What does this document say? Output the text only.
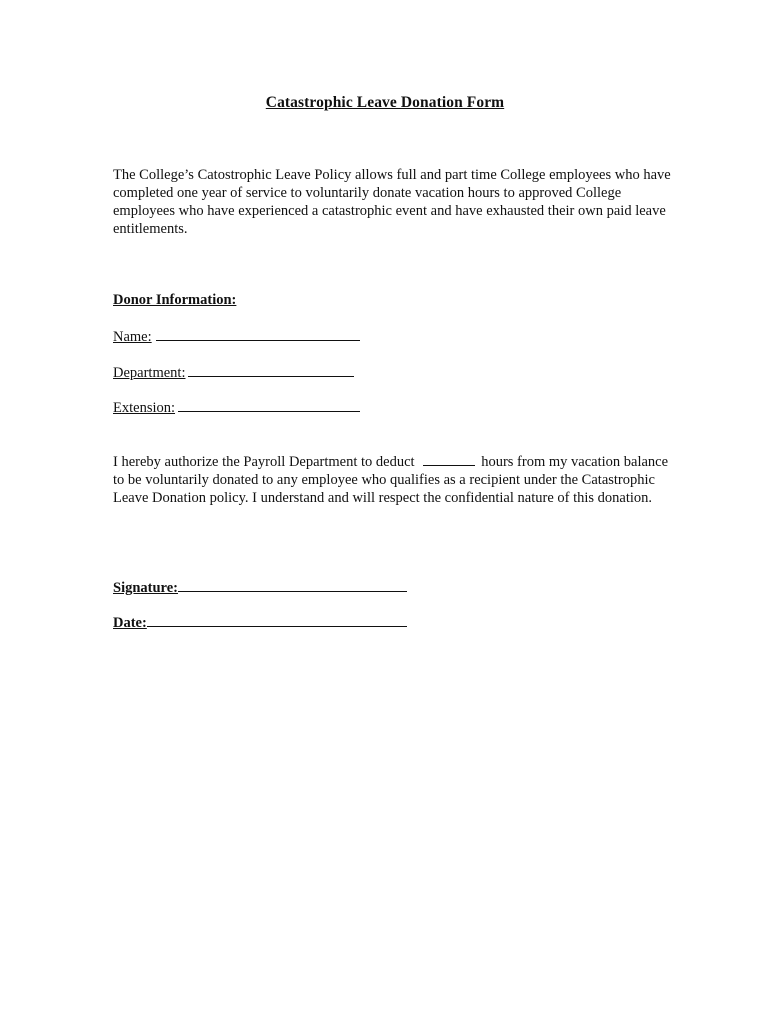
Catastrophic Leave Donation Form

The College’s Catostrophic Leave Policy allows full and part time College employees who have completed one year of service to voluntarily donate vacation hours to approved College employees who have experienced a catastrophic event and have exhausted their own paid leave entitlements.

Donor Information:
Name:
Department:
Extension:

I hereby authorize the Payroll Department to deduct	hours from my vacation balance to be voluntarily donated to any employee who qualifies as a recipient under the Catastrophic Leave Donation policy. I understand and will respect the confidential nature of this donation.

Signature:
Date:
